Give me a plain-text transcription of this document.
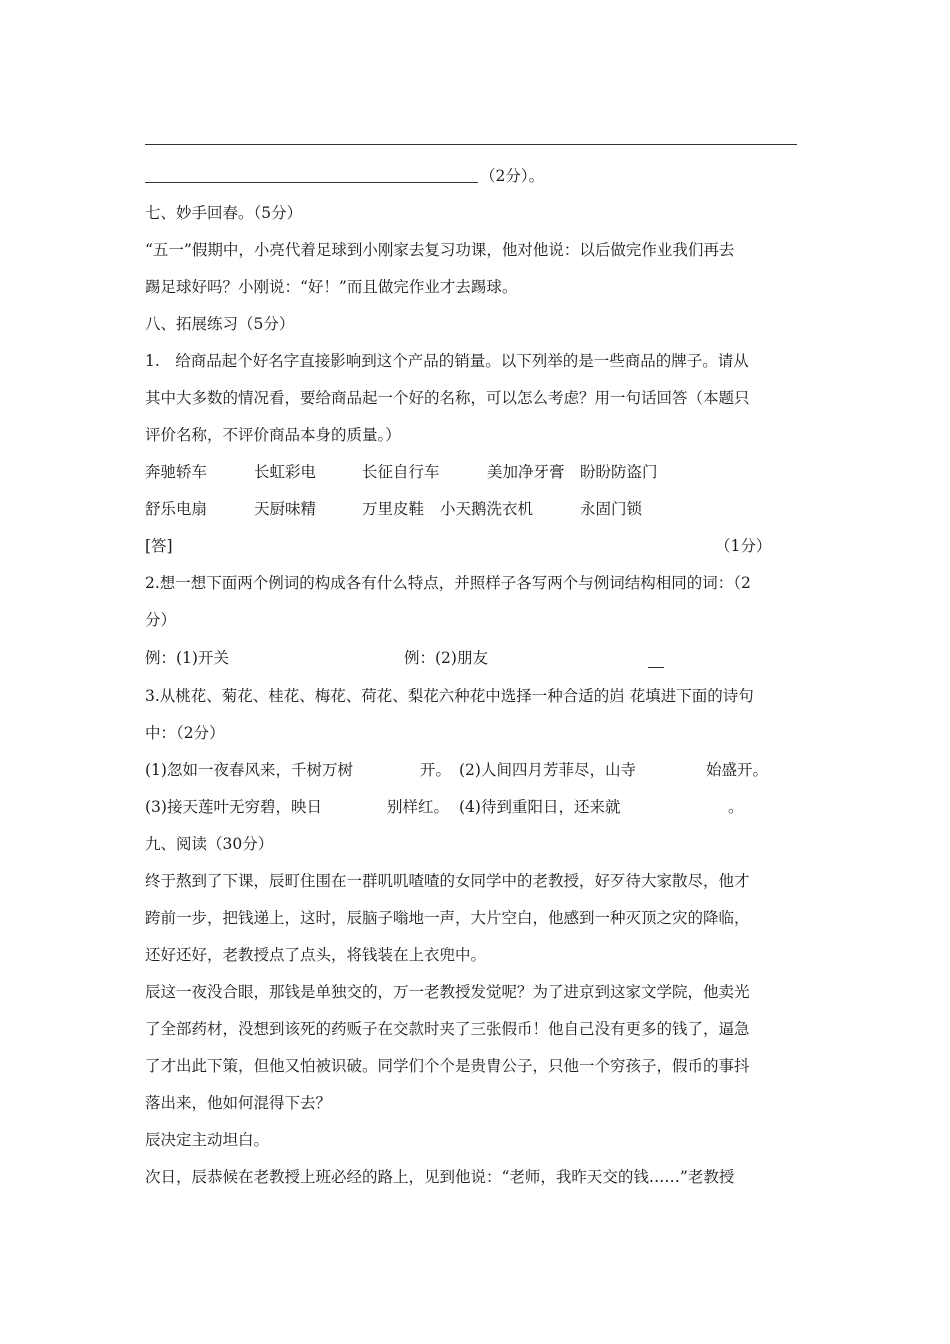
（2分）。
七、妙手回春。（5分）
“五一”假期中，小亮代着足球到小刚家去复习功课，他对他说：以后做完作业我们再去
踢足球好吗？小刚说：“好！”而且做完作业才去踢球。
八、拓展练习（5分）
1.　给商品起个好名字直接影响到这个产品的销量。以下列举的是一些商品的牌子。请从
其中大多数的情况看，要给商品起一个好的名称，可以怎么考虑？用一句话回答（本题只
评价名称，不评价商品本身的质量。）
奔驰轿车	长虹彩电	长征自行车	美加净牙膏 盼盼防盗门
舒乐电扇	天厨味精	万里皮鞋 小天鹅洗衣机	永固门锁
[答]	（1分）
2.想一想下面两个例词的构成各有什么特点，并照样子各写两个与例词结构相同的词：（2
分）
例：(1)开关	例：(2)朋友
3.从桃花、菊花、桂花、梅花、荷花、梨花六种花中选择一种合适的岿 花填进下面的诗句
中：（2分）
(1)忽如一夜春风来，千树万树	开。 (2)人间四月芳菲尽，山寺	始盛开。
(3)接天莲叶无穷碧，映日	别样红。 (4)待到重阳日，还来就	。
九、阅读（30分）
终于熬到了下课，辰町住围在一群叽叽喳喳的女同学中的老教授，好歹待大家散尽，他才
跨前一步，把钱递上，这时，辰脑子嗡地一声，大片空白，他感到一种灭顶之灾的降临，
还好还好，老教授点了点头，将钱装在上衣兜中。
辰这一夜没合眼，那钱是单独交的，万一老教授发觉呢？为了进京到这家文学院，他卖光
了全部药材，没想到该死的药贩子在交款时夹了三张假币！他自己没有更多的钱了，逼急
了才出此下策，但他又怕被识破。同学们个个是贵胄公子，只他一个穷孩子，假币的事抖
落出来，他如何混得下去？
辰决定主动坦白。
次日，辰恭候在老教授上班必经的路上，见到他说：“老师，我昨天交的钱……”老教授
